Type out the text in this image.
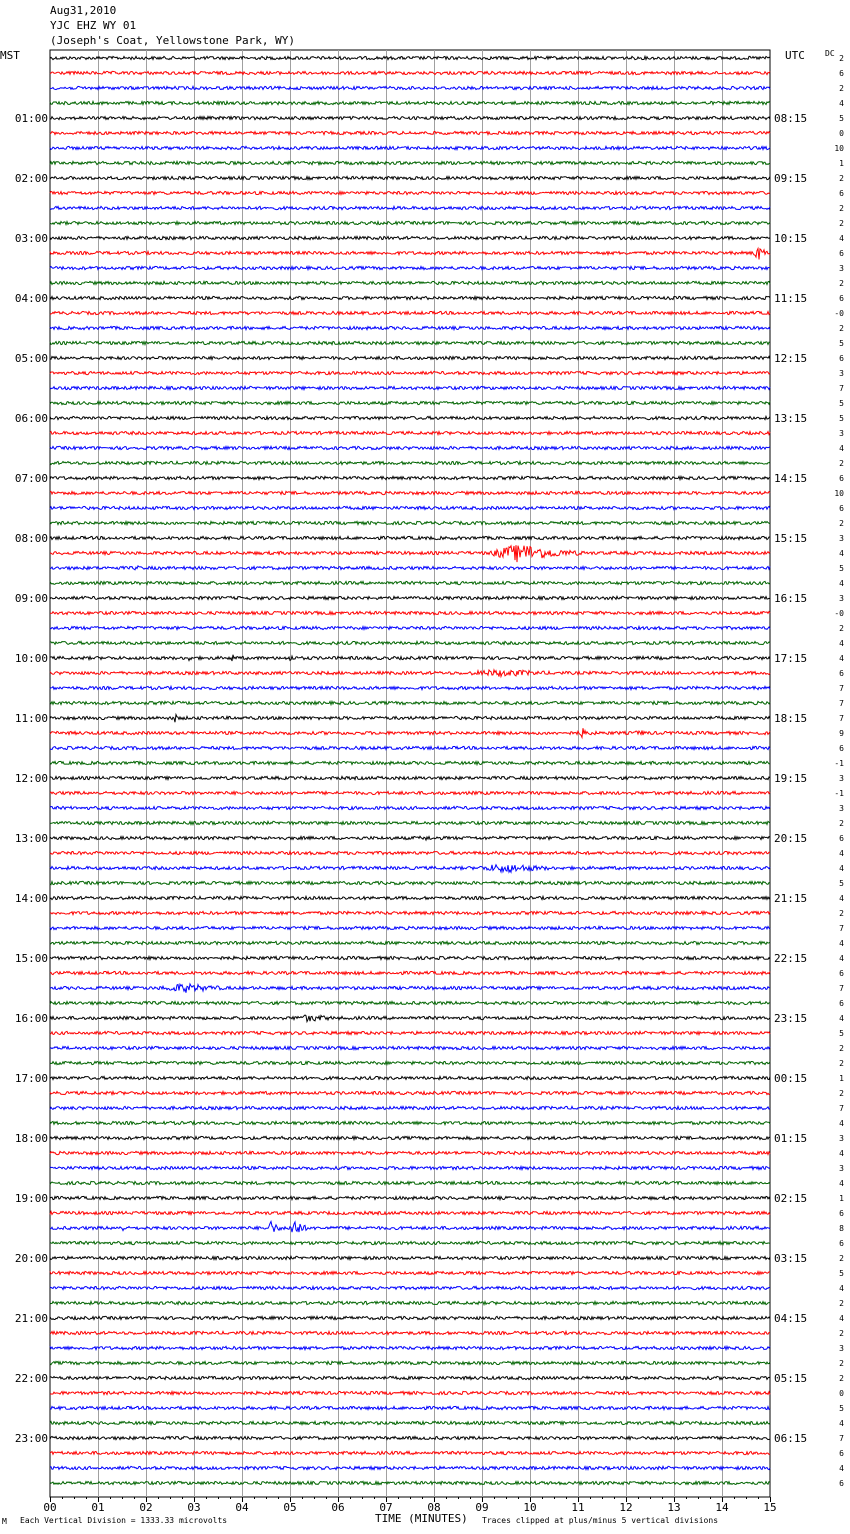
00	01	02	03	04	05	06	07	08	09	10	11	12	13	14	15
2
6
2
4
5
01:00	08:15
0
10
1
2
02:00	09:15
6
2
2
4
03:00	10:15
6
3
2
6
04:00	11:15
-0
2
5
6
05:00	12:15
3
7
5
5
06:00	13:15
3
4
2
6
07:00	14:15
10
6
2
3
08:00	15:15
4
5
4
3
09:00	16:15
-0
2
4
4
10:00	17:15
6
7
7
7
11:00	18:15
9
6
-1
3
12:00	19:15
-1
3
2
6
13:00	20:15
4
4
5
4
14:00	21:15
2
7
4
4
15:00	22:15
6
7
6
4
16:00	23:15
5
2
2
1
17:00	00:15
2
7
4
3
18:00	01:15
4
3
4
1
19:00	02:15
6
8
6
2
20:00	03:15
5
4
2
4
21:00	04:15
2
3
2
2
22:00	05:15
0
5
4
7
23:00	06:15
6
4
6
Aug31,2010
YJC EHZ WY 01
(Joseph's Coat, Yellowstone Park, WY)
MST	UTC	DC
M Each Vertical Division = 1333.33 microvolts	TIME (MINUTES) Traces clipped at plus/minus 5 vertical divisions
